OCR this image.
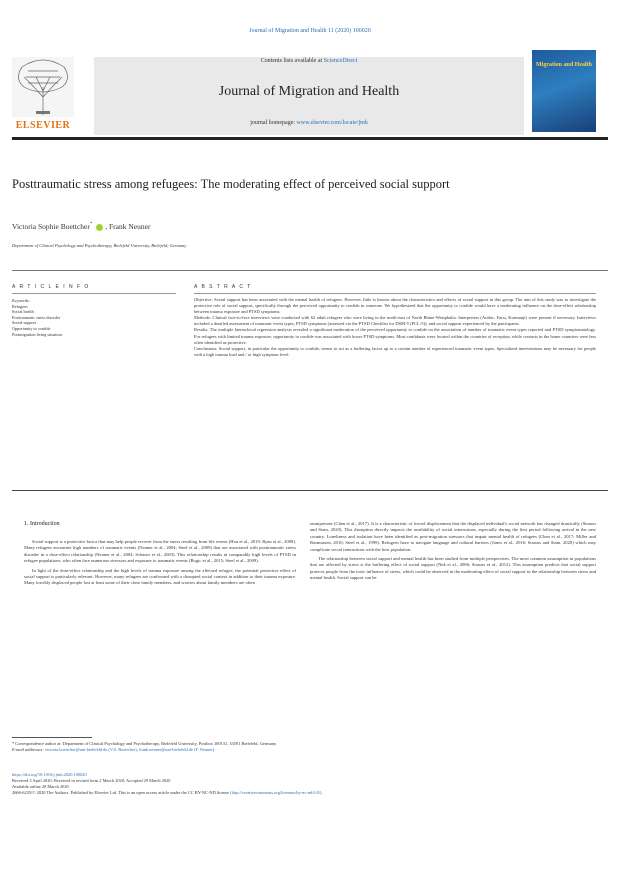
Journal of Migration and Health 11 (2020) 100020
ELSEVIER
Contents lists available at ScienceDirect
Journal of Migration and Health
journal homepage: www.elsevier.com/locate/jmh
Migration and Health
Posttraumatic stress among refugees: The moderating effect of perceived social support
Victoria Sophie Boettcher* , Frank Neuner
Department of Clinical Psychology and Psychotherapy, Bielefeld University, Bielefeld, Germany
A R T I C L E I N F O
Keywords:
Refugees
Social health
Posttraumatic stress disorder
Social support
Opportunity to confide
Postmigration living situation
A B S T R A C T

Objective: Social support has been associated with the mental health of refugees. However, little is known about the characteristics and effects of social support in this group. The aim of this study was to investigate the protective role of social support, specifically through the perceived opportunity to confide in someone. We hypothesized that the opportunity to confide would have a moderating influence on the dose-effect relationship between trauma exposure and PTSD symptoms.

Methods: Clinical face-to-face interviews were conducted with 62 adult refugees who were living in the north-east of North Rhine-Westphalia. Interpreters (Arabic, Farsi, Kurmanji) were present if necessary. Interviews included a detailed assessment of traumatic event types, PTSD symptoms (assessed via the PTSD Checklist for DSM-5 (PCL-5)), and social support experienced by the participants.

Results: The multiple hierarchical regression analysis revealed a significant moderation of the perceived opportunity to confide on the association of number of traumatic event types reported and PTSD symptomatology. For refugees with limited trauma exposure, opportunity to confide was associated with lower PTSD symptoms. Most confidants were located within the countries of reception, while contacts in the home countries were less often identified as protective.

Conclusions: Social support, in particular the opportunity to confide, seems to act as a buffering factor up to a certain number of experienced traumatic event types. Specialized interventions may be necessary for people with a high trauma load and / or high symptom level.

1. Introduction

Social support is a protective factor that may help people recover from the stress resulting from life events (Hou et al., 2019; Ryan et al., 2008). Many refugees encounter high numbers of traumatic events (Neuner et al., 2004; Steel et al., 2009) that are associated with posttraumatic stress disorder in a dose-effect relationship (Neuner et al., 2004; Schauer et al., 2003). This relationship results in comparably high levels of PTSD in refugee populations, who often face numerous stressors and exposure to traumatic events (Bogic et al., 2015; Steel et al., 2009).

In light of the dose-effect relationship and the high levels of trauma exposure among the affected refugee, the potential protective effect of social support is particularly relevant. However, many refugees are confronted with a disrupted social context in addition to their trauma exposure. Many forcibly displaced people lost at least some of their close family members, and worries about family members are often

omnipresent (Chen et al., 2017). It is a characteristic of forced displacement that the displaced individual's social network has changed drastically (Strauss and Siam, 2020). This disruption directly impacts the availability of social interactions, especially during the first period following arrival in the new country. Loneliness and isolation have been identified as post-migration stressors that impair mental health of refugees (Chen et al., 2017; Miller and Rasmussen, 2010; Steel et al., 1999). Refugees have to navigate language and cultural barriers (Jones et al., 2016; Strauss and Siam, 2020) which may complicate social interactions with the host population.

The relationship between social support and mental health has been studied from multiple perspectives. The most common assumption in populations that are affected by stress is the buffering effect of social support (Nek et al., 2006; Strauss et al., 2012). This assumption predicts that social support protects people from the toxic influence of stress, which could be observed in the moderating effect of social support in the relationship between stress and mental health. Social support can be

* Correspondence author at: Department of Clinical Psychology and Psychotherapy, Bielefeld University, Postbox 100131, 33501 Bielefeld, Germany.
E-mail addresses: victoria.boettcher@uni-bielefeld.de (V.S. Boettcher), frank.neuner@uni-bielefeld.de (F. Neuner).
https://doi.org/10.1016/j.jmh.2020.100020
Received 3 April 2020; Received in revised form 2 March 2020; Accepted 29 March 2020
Available online 28 March 2020
2666-6235/© 2020 The Authors. Published by Elsevier Ltd. This is an open access article under the CC BY-NC-ND license (http://creativecommons.org/licenses/by-nc-nd/4.0/).
